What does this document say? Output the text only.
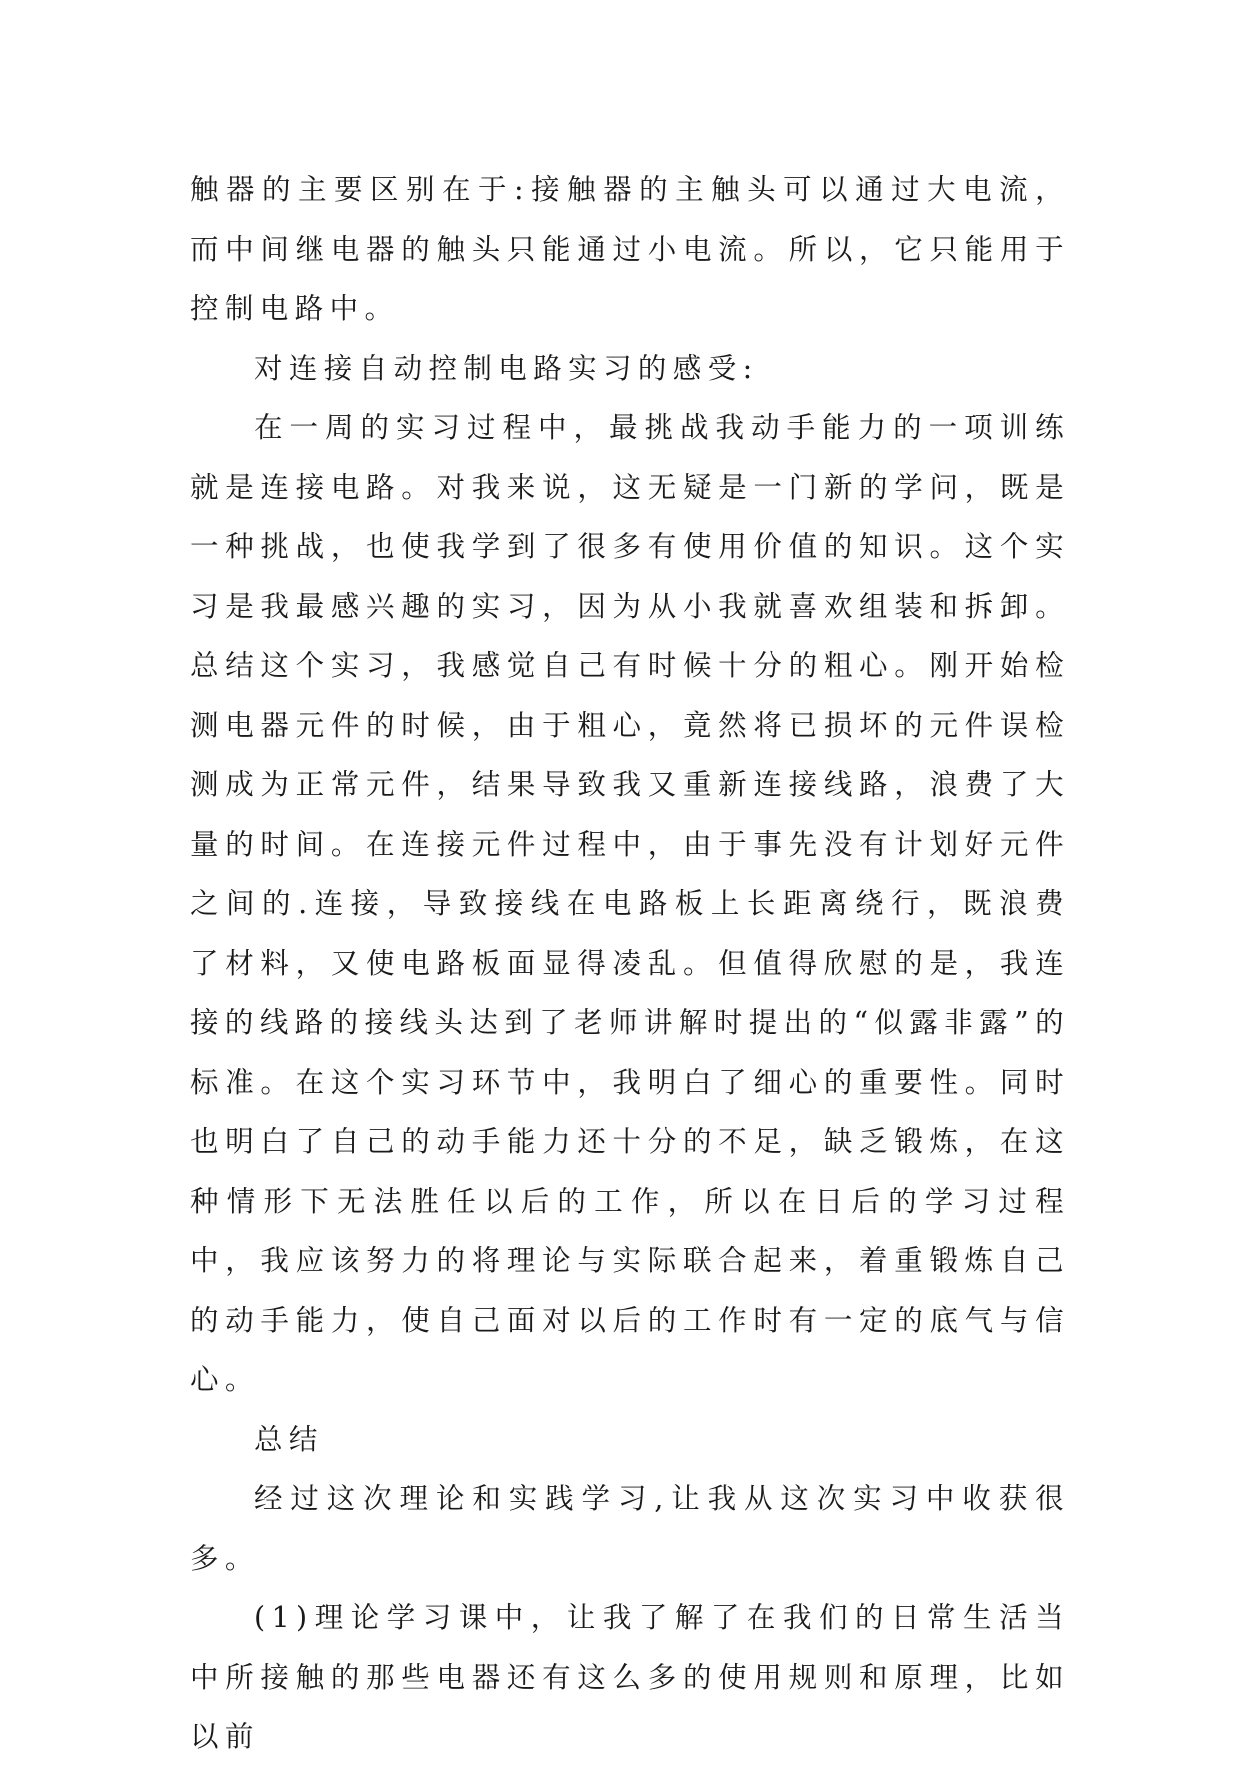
触器的主要区别在于:接触器的主触头可以通过大电流，而中间继电器的触头只能通过小电流。所以，它只能用于控制电路中。

对连接自动控制电路实习的感受:

在一周的实习过程中，最挑战我动手能力的一项训练就是连接电路。对我来说，这无疑是一门新的学问，既是一种挑战，也使我学到了很多有使用价值的知识。这个实习是我最感兴趣的实习，因为从小我就喜欢组装和拆卸。总结这个实习，我感觉自己有时候十分的粗心。刚开始检测电器元件的时候，由于粗心，竟然将已损坏的元件误检测成为正常元件，结果导致我又重新连接线路，浪费了大量的时间。在连接元件过程中，由于事先没有计划好元件之间的.连接，导致接线在电路板上长距离绕行，既浪费了材料，又使电路板面显得凌乱。但值得欣慰的是，我连接的线路的接线头达到了老师讲解时提出的“似露非露”的标准。在这个实习环节中，我明白了细心的重要性。同时也明白了自己的动手能力还十分的不足，缺乏锻炼，在这种情形下无法胜任以后的工作，所以在日后的学习过程中，我应该努力的将理论与实际联合起来，着重锻炼自己的动手能力，使自己面对以后的工作时有一定的底气与信心。

总结

经过这次理论和实践学习,让我从这次实习中收获很多。

(1)理论学习课中，让我了解了在我们的日常生活当中所接触的那些电器还有这么多的使用规则和原理，比如以前
